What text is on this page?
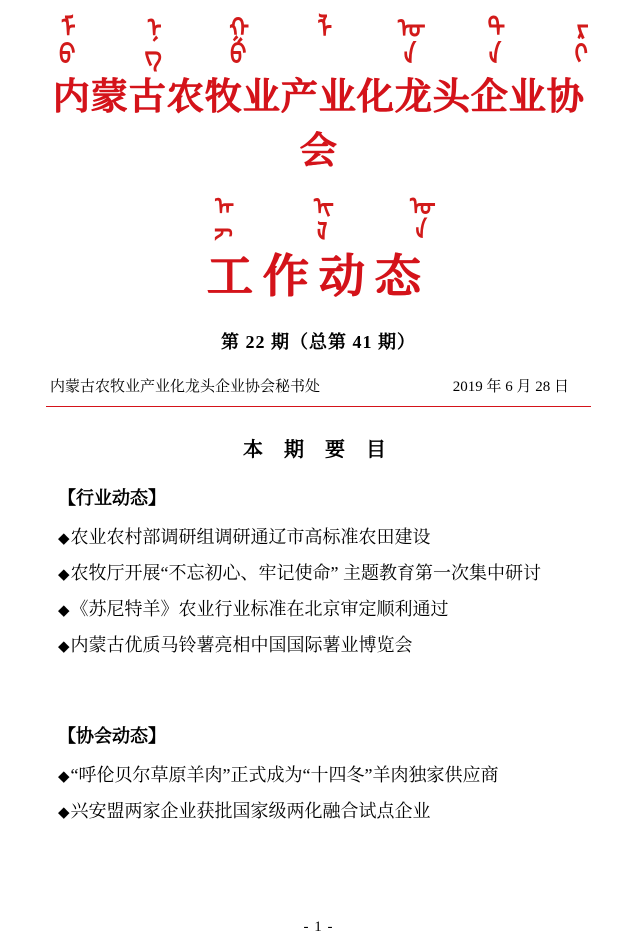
ᠮᠤ ᠨᠭ ᠭᠤ ᠯ ᠤᠨ ᠲᠠ ᠷᠢ
内蒙古农牧业产业化龙头企业协会
ᠠᠵ	ᠢᠯ	ᠤᠨ
工作动态
第 22 期（总第 41 期）
内蒙古农牧业产业化龙头企业协会秘书处	2019 年 6 月 28 日
本 期 要 目
【行业动态】
◆农业农村部调研组调研通辽市高标准农田建设
◆农牧厅开展“不忘初心、牢记使命” 主题教育第一次集中研讨
◆《苏尼特羊》农业行业标准在北京审定顺利通过
◆内蒙古优质马铃薯亮相中国国际薯业博览会
【协会动态】
◆“呼伦贝尔草原羊肉”正式成为“十四冬”羊肉独家供应商
◆兴安盟两家企业获批国家级两化融合试点企业
- 1 -
